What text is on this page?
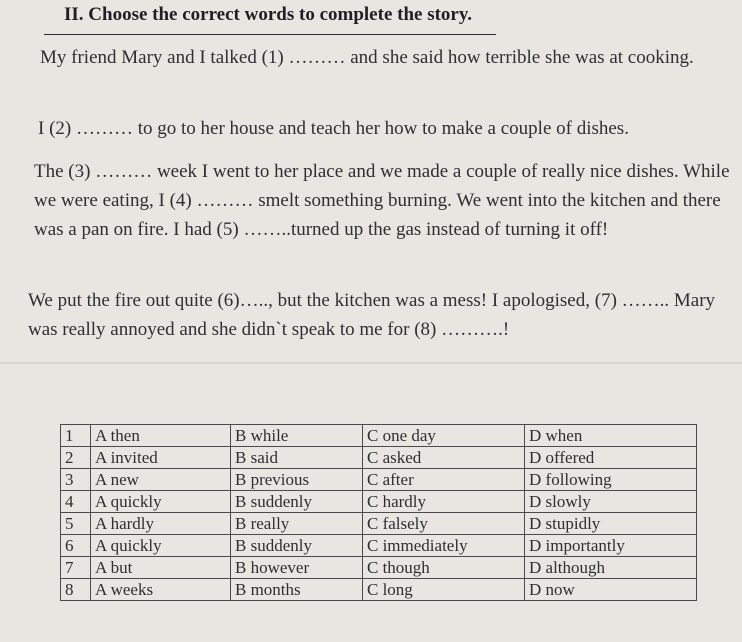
II. Choose the correct words to complete the story.

My friend Mary and I talked (1) ……… and she said how terrible she was at cooking.

I (2) ……… to go to her house and teach her how to make a couple of dishes.

The (3) ……… week I went to her place and we made a couple of really nice dishes. While we were eating, I (4) ……… smelt something burning. We went into the kitchen and there was a pan on fire. I had (5) ……..turned up the gas instead of turning it off!

We put the fire out quite (6)….., but the kitchen was a mess! I apologised, (7) …….. Mary was really annoyed and she didn`t speak to me for (8) ……….!

1	A then	B while	C one day	D when
2	A invited	B said	C asked	D offered
3	A new	B previous	C after	D following
4	A quickly	B suddenly	C hardly	D slowly
5	A hardly	B really	C falsely	D stupidly
6	A quickly	B suddenly	C immediately	D importantly
7	A but	B however	C though	D although
8	A weeks	B months	C long	D now
